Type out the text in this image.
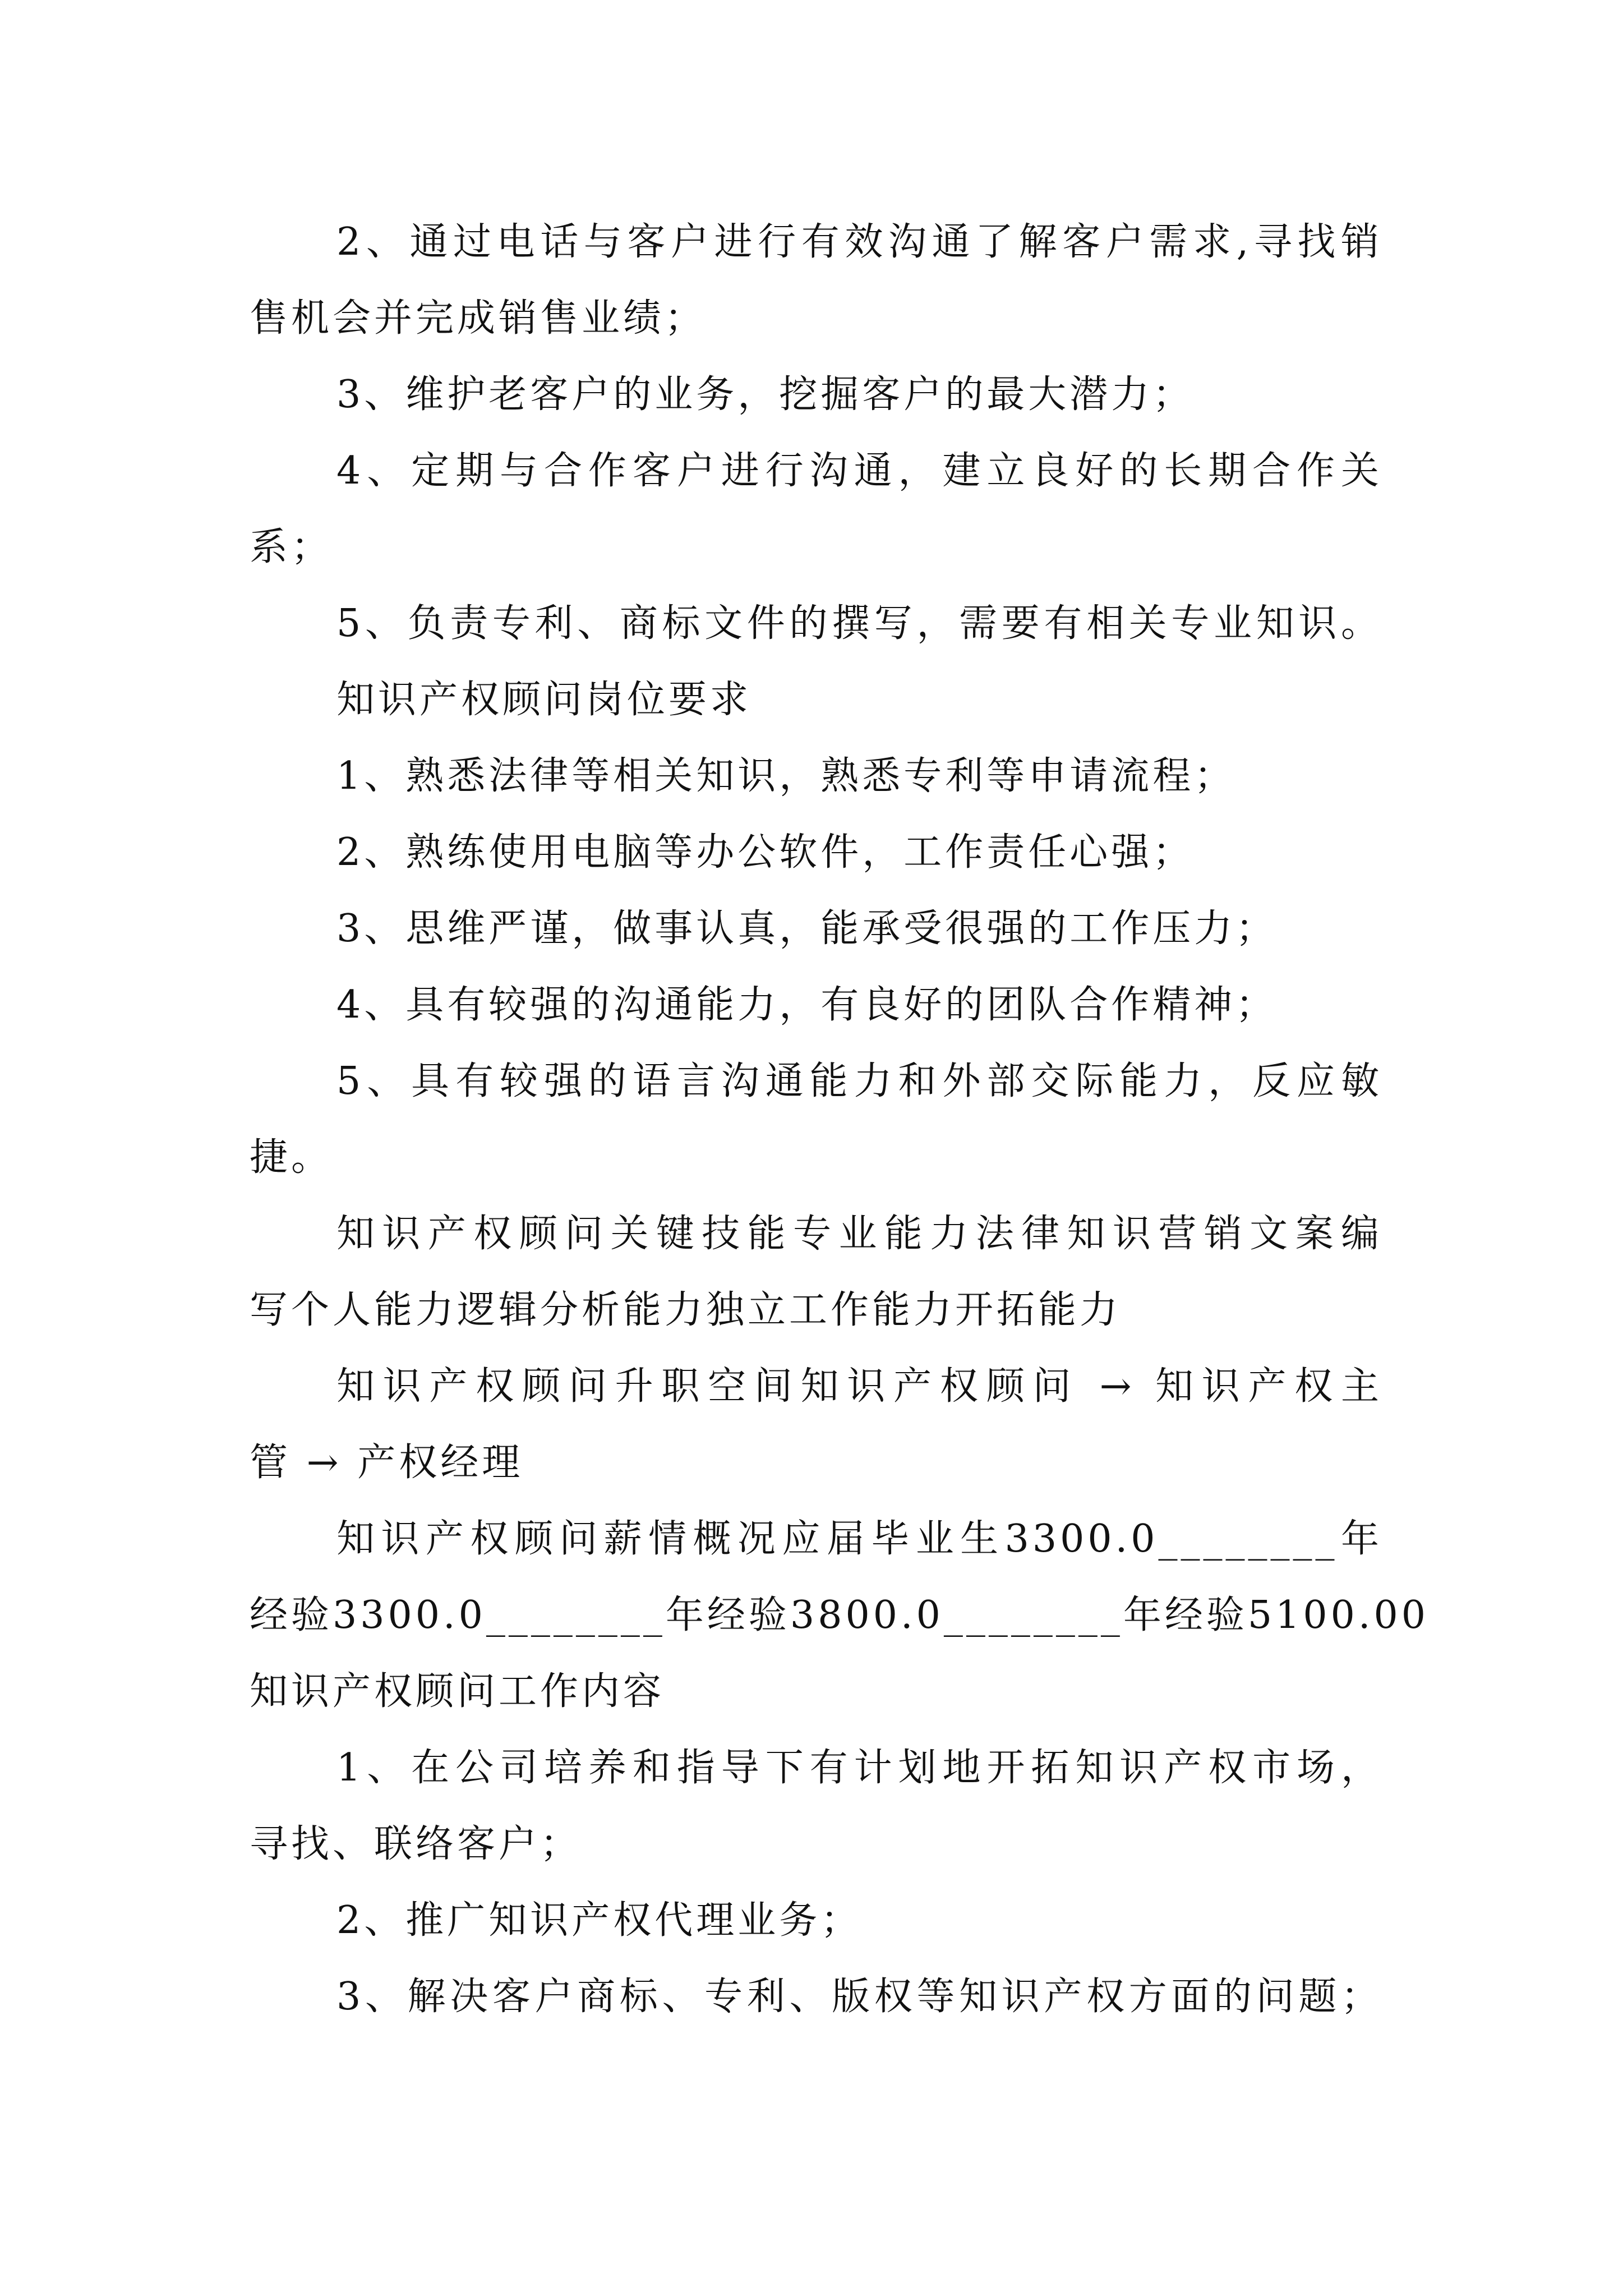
2、通过电话与客户进行有效沟通了解客户需求,寻找销
售机会并完成销售业绩；
3、维护老客户的业务，挖掘客户的最大潜力；
4、定期与合作客户进行沟通，建立良好的长期合作关
系；
5、负责专利、商标文件的撰写，需要有相关专业知识。
知识产权顾问岗位要求
1、熟悉法律等相关知识，熟悉专利等申请流程；
2、熟练使用电脑等办公软件，工作责任心强；
3、思维严谨，做事认真，能承受很强的工作压力；
4、具有较强的沟通能力，有良好的团队合作精神；
5、具有较强的语言沟通能力和外部交际能力，反应敏
捷。
知识产权顾问关键技能专业能力法律知识营销文案编
写个人能力逻辑分析能力独立工作能力开拓能力
知识产权顾问升职空间知识产权顾问 → 知识产权主
管 → 产权经理
知识产权顾问薪情概况应届毕业生3300.0________年
经验3300.0________年经验3800.0________年经验5100.00
知识产权顾问工作内容
1、在公司培养和指导下有计划地开拓知识产权市场，
寻找、联络客户；
2、推广知识产权代理业务；
3、解决客户商标、专利、版权等知识产权方面的问题；
